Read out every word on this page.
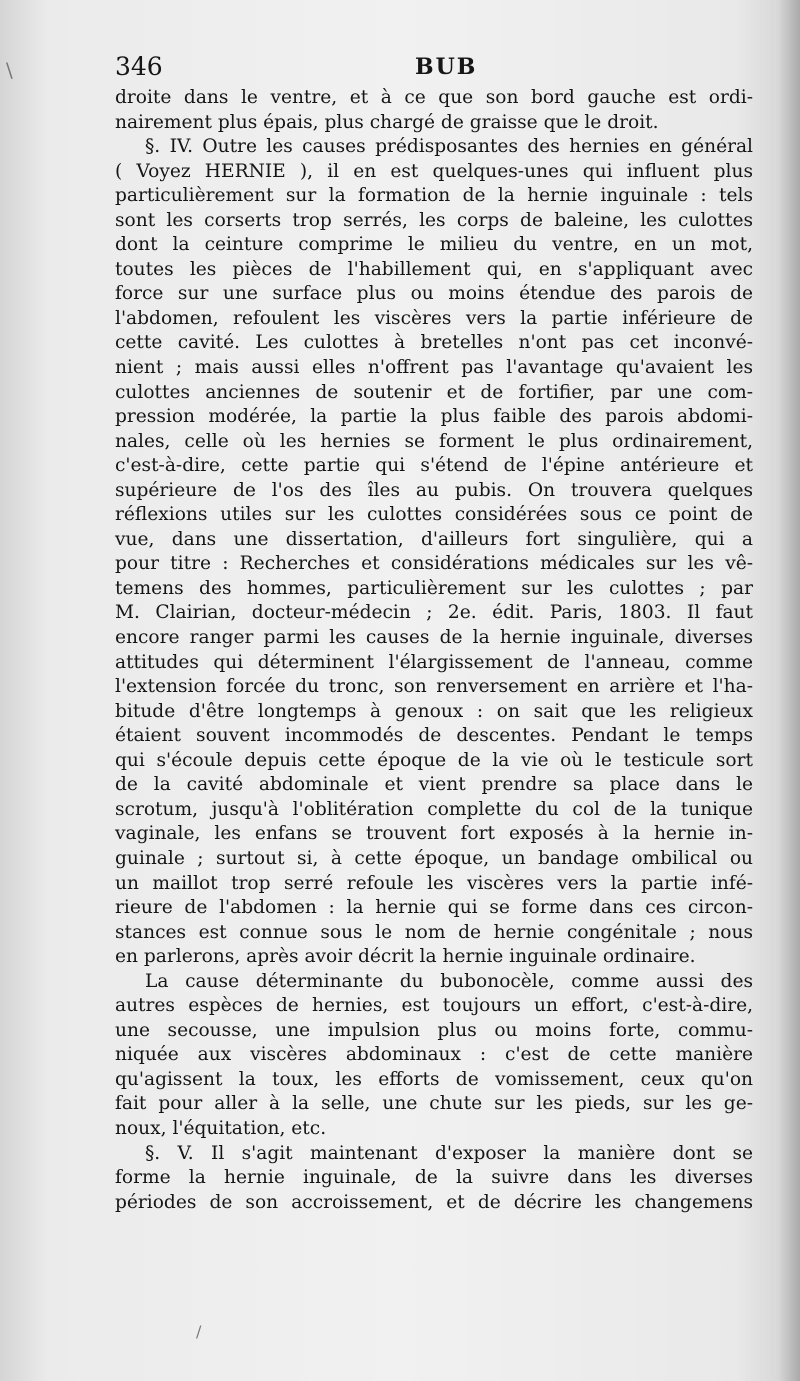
346	BUB
droite dans le ventre, et à ce que son bord gauche est ordi-
nairement plus épais, plus chargé de graisse que le droit.
§. IV. Outre les causes prédisposantes des hernies en général
( Voyez HERNIE ), il en est quelques-unes qui influent plus
particulièrement sur la formation de la hernie inguinale : tels
sont les corserts trop serrés, les corps de baleine, les culottes
dont la ceinture comprime le milieu du ventre, en un mot,
toutes les pièces de l'habillement qui, en s'appliquant avec
force sur une surface plus ou moins étendue des parois de
l'abdomen, refoulent les viscères vers la partie inférieure de
cette cavité. Les culottes à bretelles n'ont pas cet inconvé-
nient ; mais aussi elles n'offrent pas l'avantage qu'avaient les
culottes anciennes de soutenir et de fortifier, par une com-
pression modérée, la partie la plus faible des parois abdomi-
nales, celle où les hernies se forment le plus ordinairement,
c'est-à-dire, cette partie qui s'étend de l'épine antérieure et
supérieure de l'os des îles au pubis. On trouvera quelques
réflexions utiles sur les culottes considérées sous ce point de
vue, dans une dissertation, d'ailleurs fort singulière, qui a
pour titre : Recherches et considérations médicales sur les vê-
temens des hommes, particulièrement sur les culottes ; par
M. Clairian, docteur-médecin ; 2e. édit. Paris, 1803. Il faut
encore ranger parmi les causes de la hernie inguinale, diverses
attitudes qui déterminent l'élargissement de l'anneau, comme
l'extension forcée du tronc, son renversement en arrière et l'ha-
bitude d'être longtemps à genoux : on sait que les religieux
étaient souvent incommodés de descentes. Pendant le temps
qui s'écoule depuis cette époque de la vie où le testicule sort
de la cavité abdominale et vient prendre sa place dans le
scrotum, jusqu'à l'oblitération complette du col de la tunique
vaginale, les enfans se trouvent fort exposés à la hernie in-
guinale ; surtout si, à cette époque, un bandage ombilical ou
un maillot trop serré refoule les viscères vers la partie infé-
rieure de l'abdomen : la hernie qui se forme dans ces circon-
stances est connue sous le nom de hernie congénitale ; nous
en parlerons, après avoir décrit la hernie inguinale ordinaire.
La cause déterminante du bubonocèle, comme aussi des
autres espèces de hernies, est toujours un effort, c'est-à-dire,
une secousse, une impulsion plus ou moins forte, commu-
niquée aux viscères abdominaux : c'est de cette manière
qu'agissent la toux, les efforts de vomissement, ceux qu'on
fait pour aller à la selle, une chute sur les pieds, sur les ge-
noux, l'équitation, etc.
§. V. Il s'agit maintenant d'exposer la manière dont se
forme la hernie inguinale, de la suivre dans les diverses
périodes de son accroissement, et de décrire les changemens
/
\
